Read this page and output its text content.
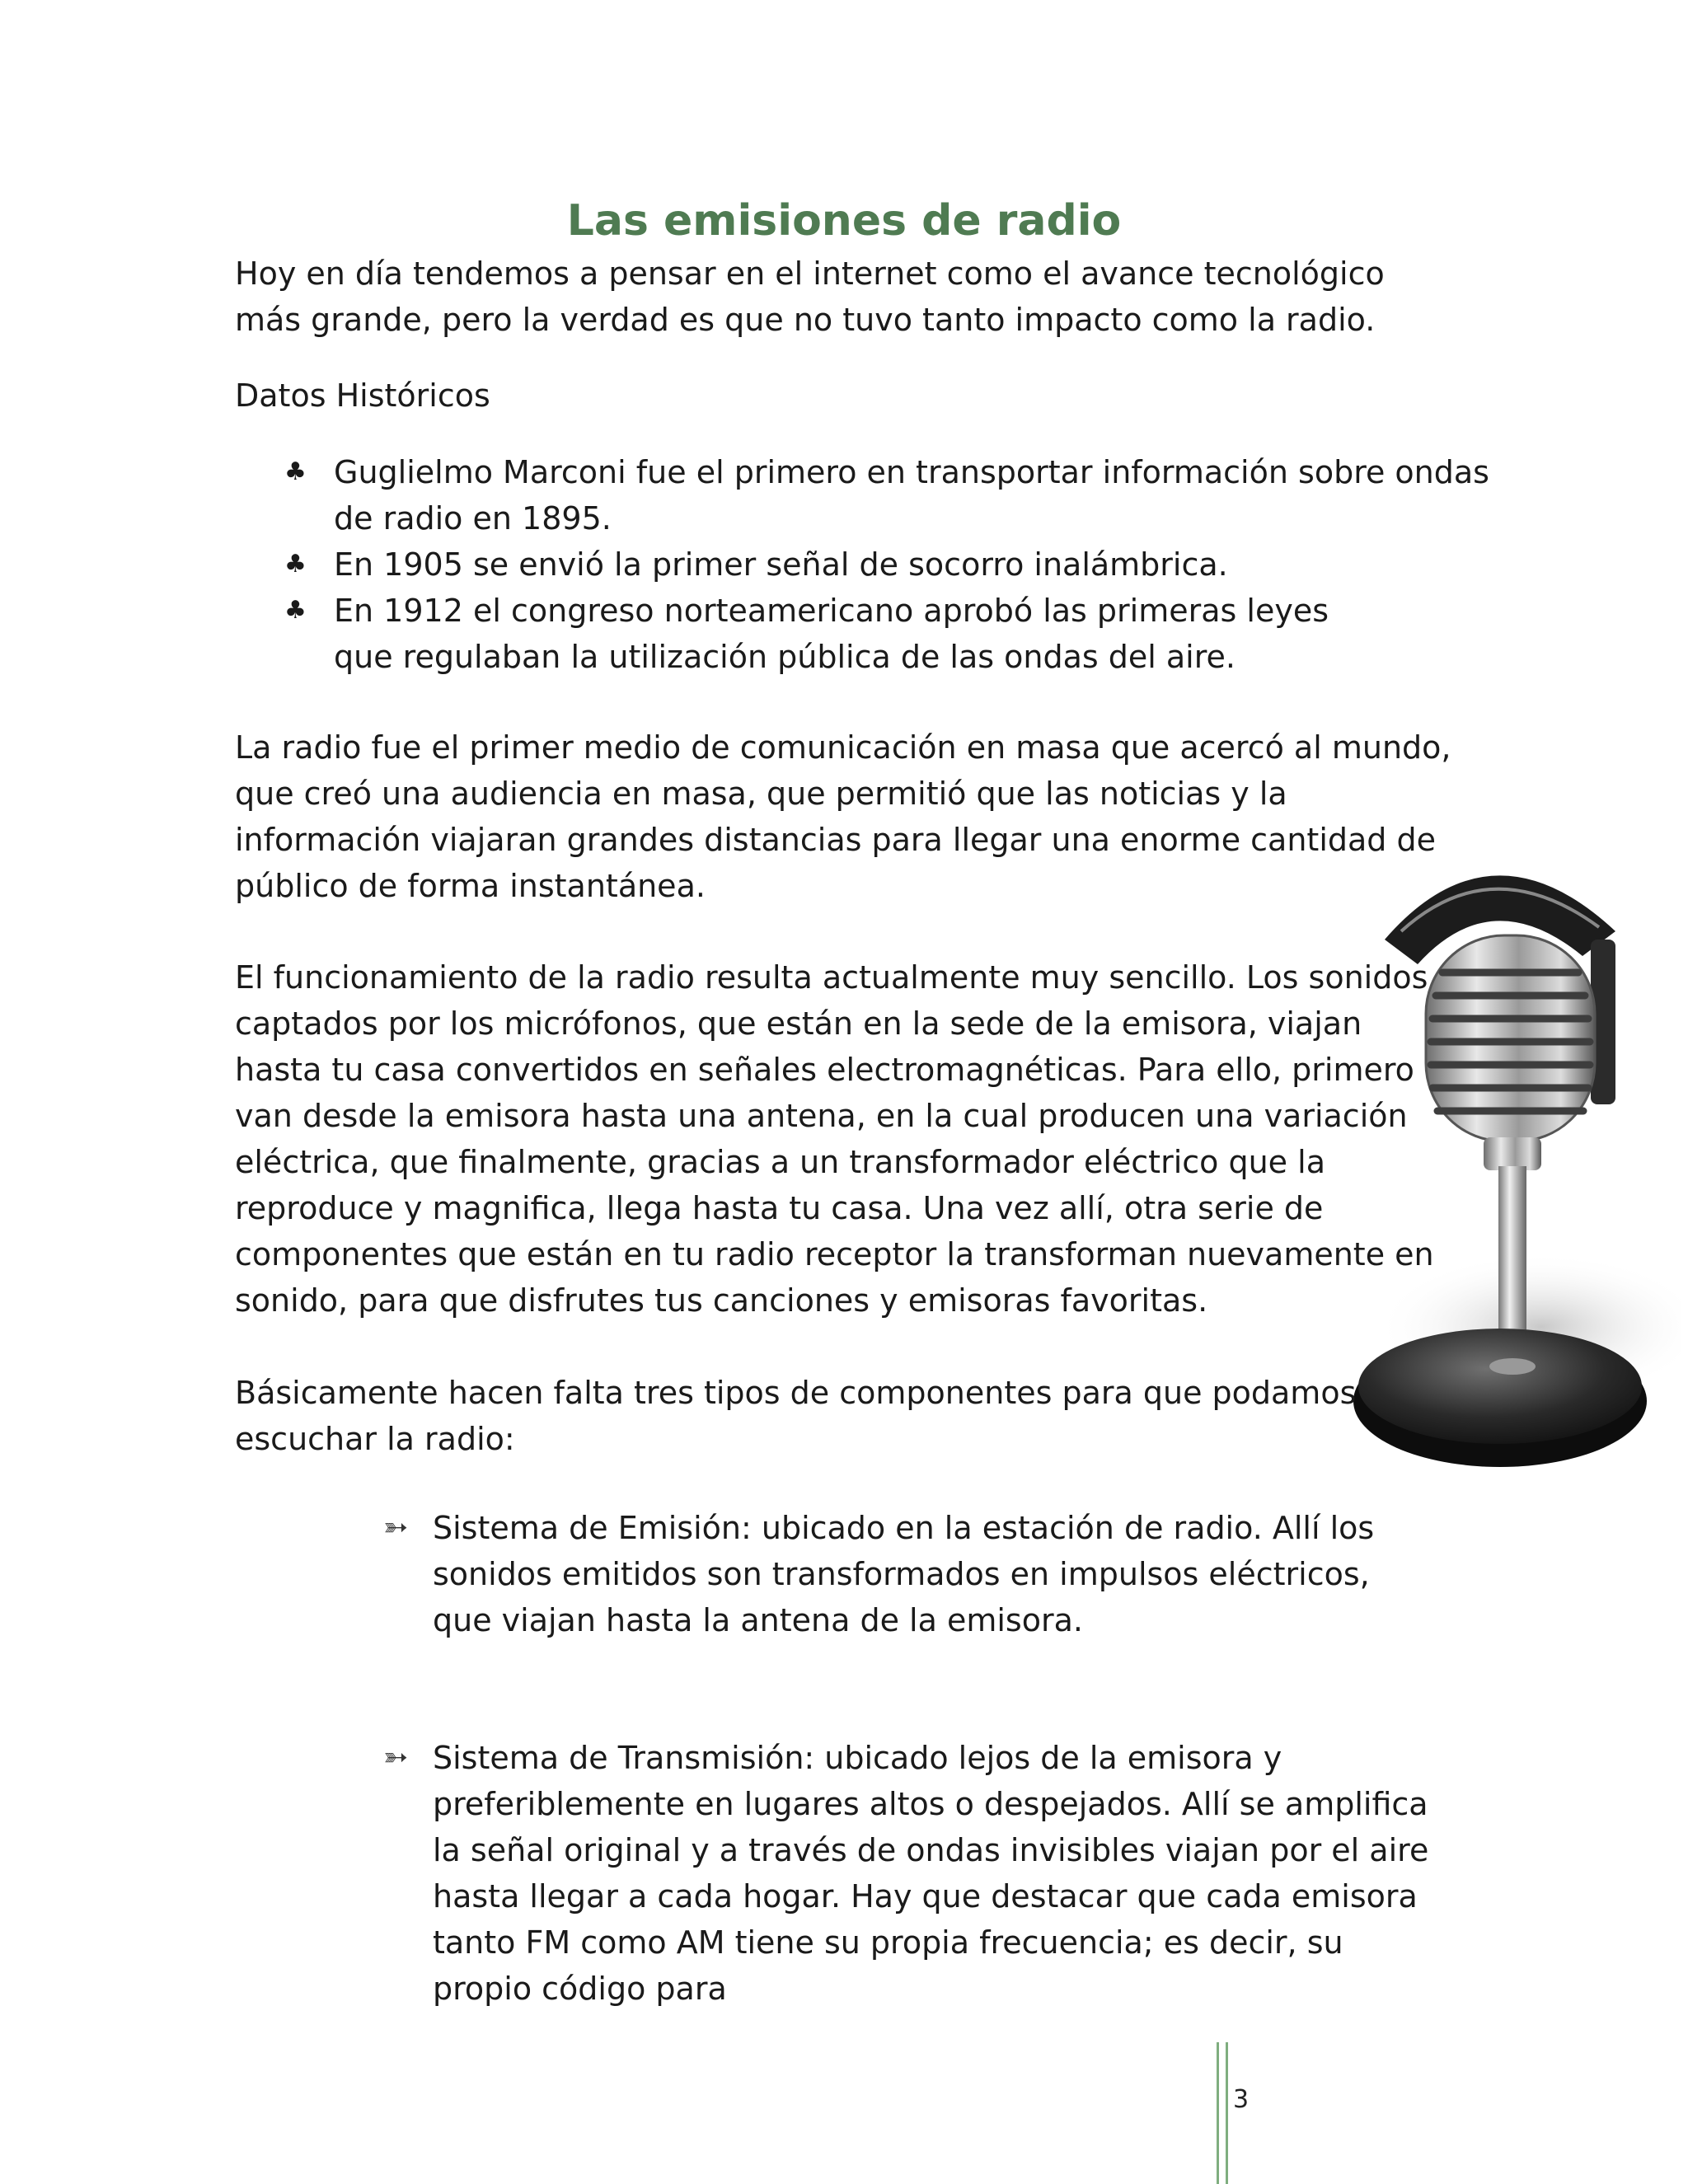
Las emisiones de radio

Hoy en día tendemos a pensar en el internet como el avance tecnológico más grande, pero la verdad es que no tuvo tanto impacto como la radio.

Datos Históricos

♣ Guglielmo Marconi fue el primero en transportar información sobre ondas de radio en 1895.
♣ En 1905 se envió la primer señal de socorro inalámbrica.
♣ En 1912 el congreso norteamericano aprobó las primeras leyes que regulaban la utilización pública de las ondas del aire.

La radio fue el primer medio de comunicación en masa que acercó al mundo, que creó una audiencia en masa, que permitió que las noticias y la información viajaran grandes distancias para llegar una enorme cantidad de público de forma instantánea.

El funcionamiento de la radio resulta actualmente muy sencillo. Los sonidos captados por los micrófonos, que están en la sede de la emisora, viajan hasta tu casa convertidos en señales electromagnéticas. Para ello, primero van desde la emisora hasta una antena, en la cual producen una variación eléctrica, que finalmente, gracias a un transformador eléctrico que la reproduce y magnifica, llega hasta tu casa. Una vez allí, otra serie de componentes que están en tu radio receptor la transforman nuevamente en sonido, para que disfrutes tus canciones y emisoras favoritas.

Básicamente hacen falta tres tipos de componentes para que podamos escuchar la radio:

➳ Sistema de Emisión: ubicado en la estación de radio. Allí los sonidos emitidos son transformados en impulsos eléctricos, que viajan hasta la antena de la emisora.
➳ Sistema de Transmisión: ubicado lejos de la emisora y preferiblemente en lugares altos o despejados. Allí se amplifica la señal original y a través de ondas invisibles viajan por el aire hasta llegar a cada hogar. Hay que destacar que cada emisora tanto FM como AM tiene su propia frecuencia; es decir, su propio código para
3
